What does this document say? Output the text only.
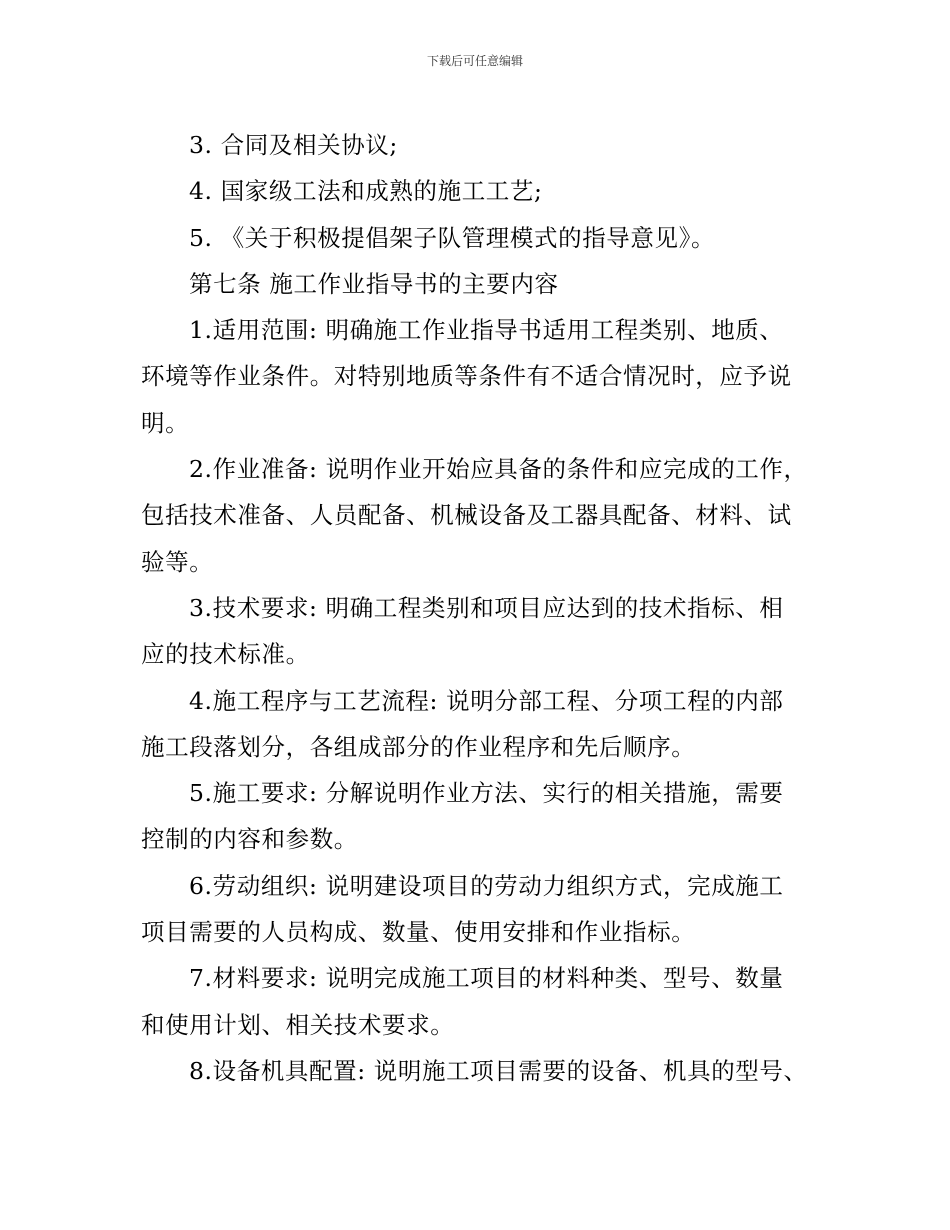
下载后可任意编辑
3. 合同及相关协议;
4. 国家级工法和成熟的施工工艺;
5. 《关于积极提倡架子队管理模式的指导意见》。
第七条 施工作业指导书的主要内容
1.适用范围: 明确施工作业指导书适用工程类别、地质、
环境等作业条件。对特别地质等条件有不适合情况时，应予说
明。
2.作业准备: 说明作业开始应具备的条件和应完成的工作，
包括技术准备、人员配备、机械设备及工器具配备、材料、试
验等。
3.技术要求: 明确工程类别和项目应达到的技术指标、相
应的技术标准。
4.施工程序与工艺流程: 说明分部工程、分项工程的内部
施工段落划分，各组成部分的作业程序和先后顺序。
5.施工要求: 分解说明作业方法、实行的相关措施，需要
控制的内容和参数。
6.劳动组织: 说明建设项目的劳动力组织方式，完成施工
项目需要的人员构成、数量、使用安排和作业指标。
7.材料要求: 说明完成施工项目的材料种类、型号、数量
和使用计划、相关技术要求。
8.设备机具配置: 说明施工项目需要的设备、机具的型号、
